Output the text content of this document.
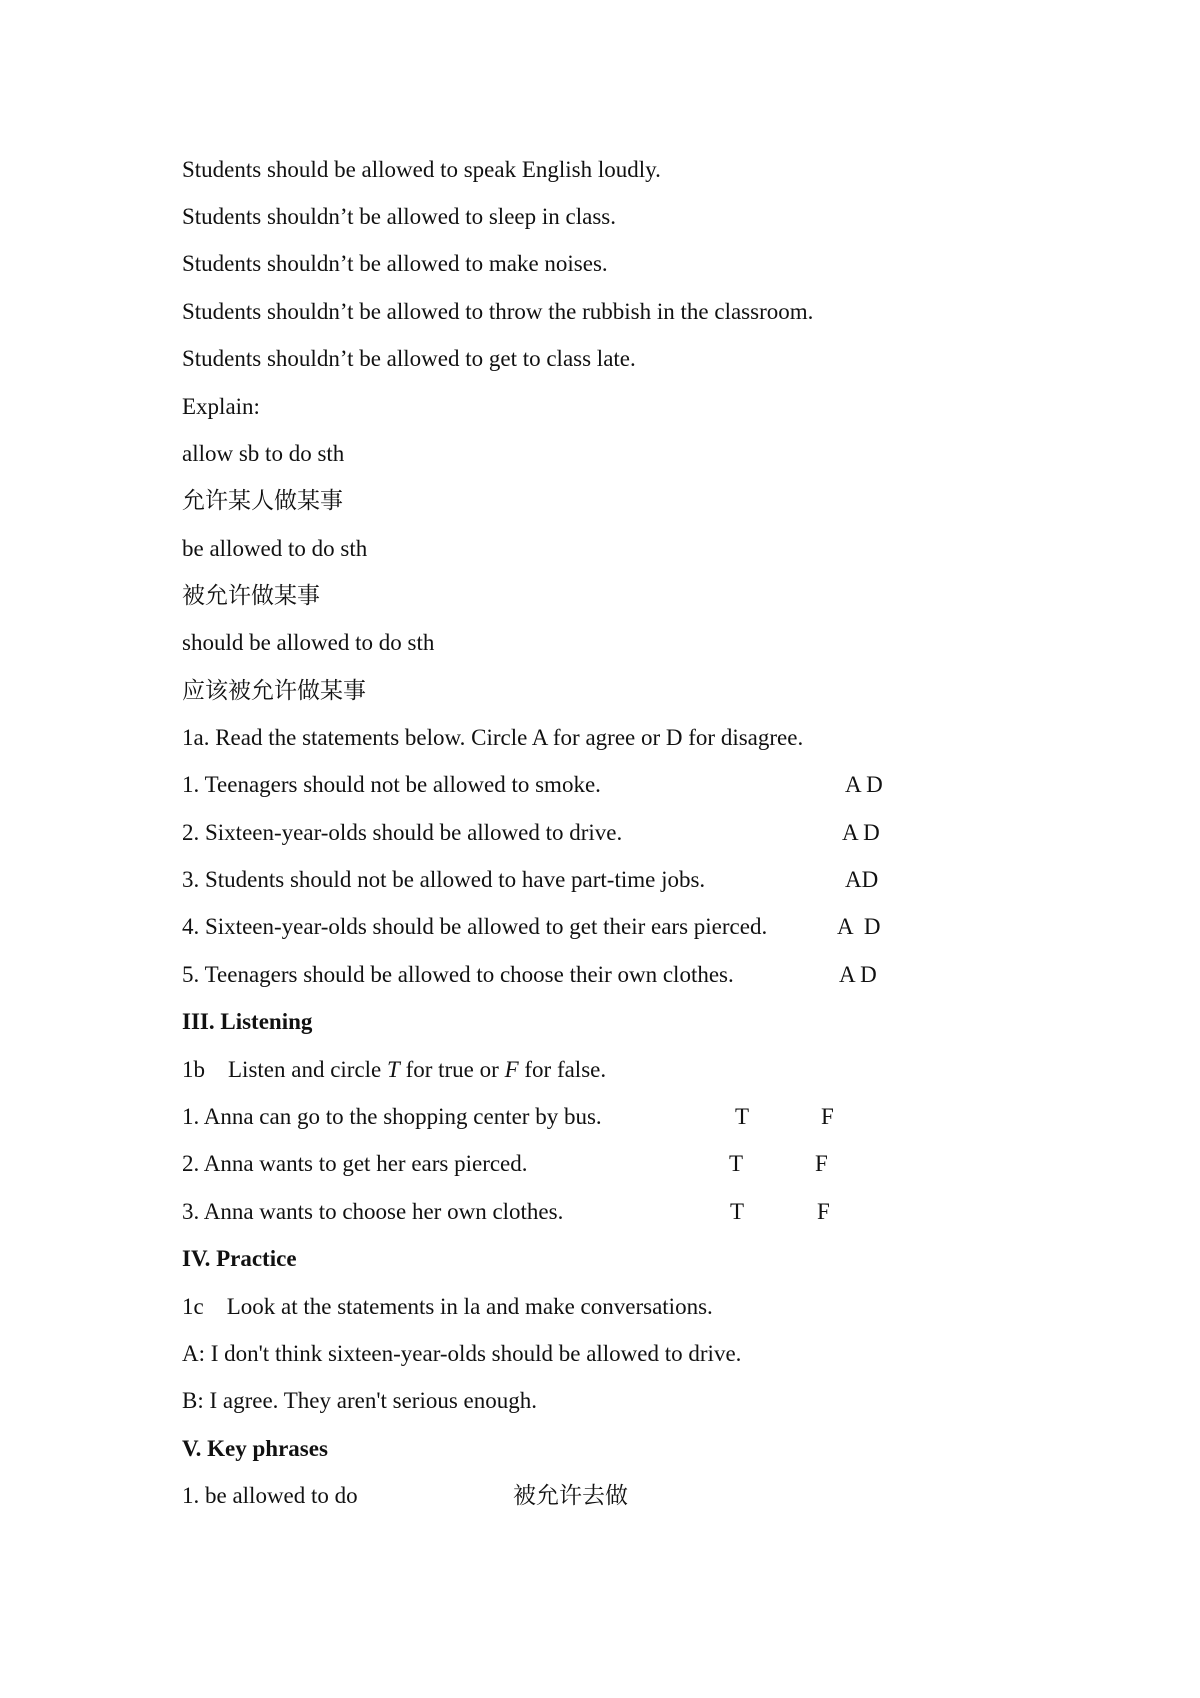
Students should be allowed to speak English loudly.
Students shouldn’t be allowed to sleep in class.
Students shouldn’t be allowed to make noises.
Students shouldn’t be allowed to throw the rubbish in the classroom.
Students shouldn’t be allowed to get to class late.
Explain:
allow sb to do sth
允许某人做某事
be allowed to do sth
被允许做某事
should be allowed to do sth
应该被允许做某事
1a. Read the statements below. Circle A for agree or D for disagree.
1. Teenagers should not be allowed to smoke.	A D
2. Sixteen-year-olds should be allowed to drive.	A D
3. Students should not be allowed to have part-time jobs.	AD
4. Sixteen-year-olds should be allowed to get their ears pierced.	A  D
5. Teenagers should be allowed to choose their own clothes.	A D
III. Listening
1b    Listen and circle T for true or F for false.
1. Anna can go to the shopping center by bus.	T	F
2. Anna wants to get her ears pierced.	T	F
3. Anna wants to choose her own clothes.	T	F
IV. Practice
1c    Look at the statements in la and make conversations.
A: I don't think sixteen-year-olds should be allowed to drive.
B: I agree. They aren't serious enough.
V. Key phrases
1. be allowed to do	被允许去做
